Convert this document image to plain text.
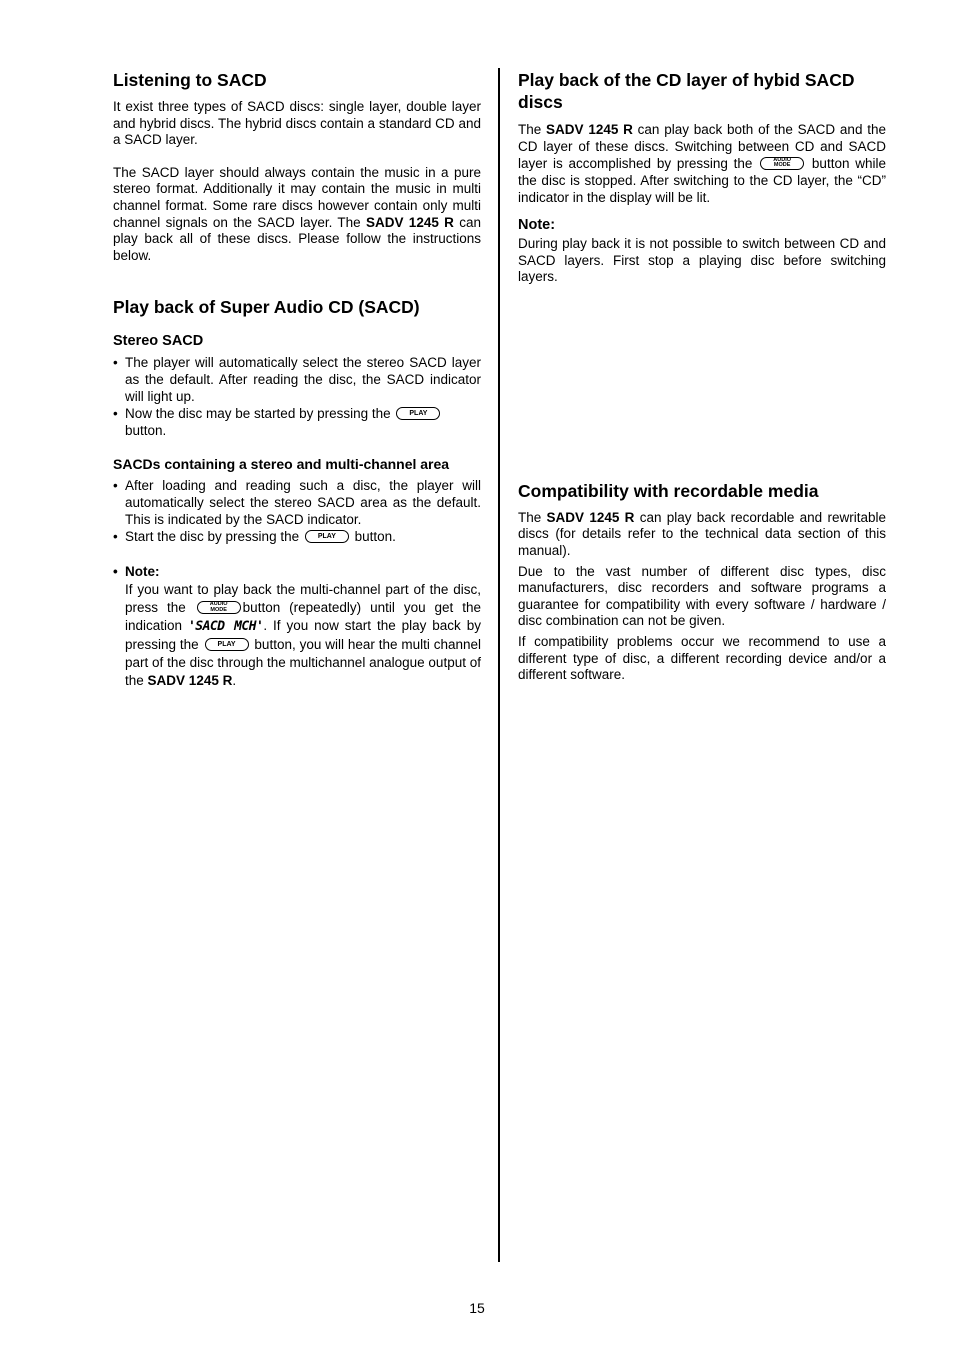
Listening to SACD

It exist three types of SACD discs: single layer, double layer and hybrid discs. The hybrid discs contain a standard CD and a SACD layer.

The SACD layer should always contain the music in a pure stereo format. Additionally it may contain the music in multi channel format. Some rare discs however contain only multi channel signals on the SACD layer. The SADV 1245 R can play back all of these discs. Please follow the instructions below.

Play back of Super Audio CD (SACD)
Stereo SACD
• The player will automatically select the stereo SACD layer as the default. After reading the disc, the SACD indicator will light up.
• Now the disc may be started by pressing the	PLAY
button.
SACDs containing a stereo and multi-channel area
• After loading and reading such a disc, the player will automatically select the stereo SACD area as the default. This is indicated by the SACD indicator.
• Start the disc by pressing the	PLAY button.
• Note:

If you want to play back the multi-channel part of the disc, press the	AUDIO
MODE	button (repeatedly) until you get the indication 'SACD MCH'. If you now start the play back by pressing the	PLAY button, you will hear the multi channel part of the disc through the multichannel analogue output of the SADV 1245 R.

Play back of the CD layer of hybid SACD discs

The SADV 1245 R can play back both of the SACD and the CD layer of these discs. Switching between CD and SACD layer is accomplished by pressing the	AUDIO
MODE	button while the disc is stopped. After switching to the CD layer, the “CD” indicator in the display will be lit.

Note:

During play back it is not possible to switch between CD and SACD layers. First stop a playing disc before switching layers.

Compatibility with recordable media

The SADV 1245 R can play back recordable and rewritable discs (for details refer to the technical data section of this manual).

Due to the vast number of different disc types, disc manufacturers, disc recorders and software programs a guarantee for compatibility with every software / hardware / disc combination can not be given.

If compatibility problems occur we recommend to use a different type of disc, a different recording device and/or a different software.

15
